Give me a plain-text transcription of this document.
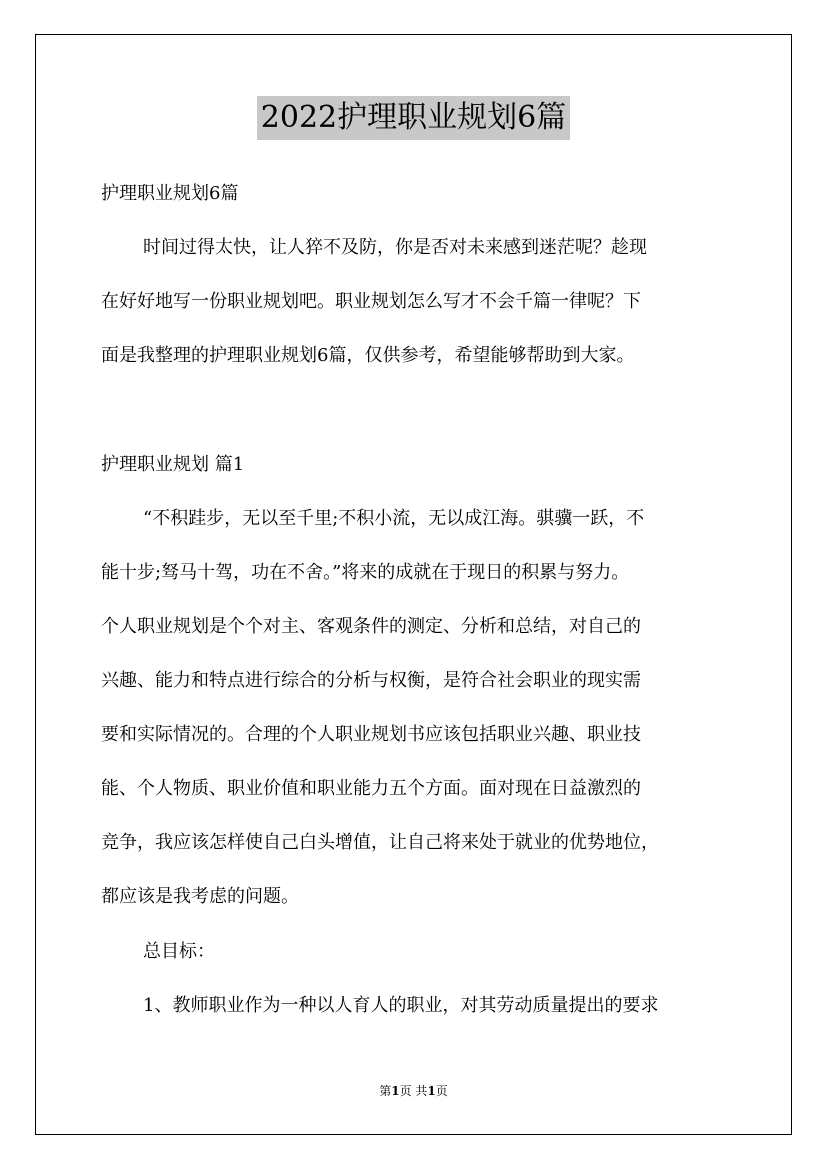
2022护理职业规划6篇
护理职业规划6篇
时间过得太快，让人猝不及防，你是否对未来感到迷茫呢？趁现
在好好地写一份职业规划吧。职业规划怎么写才不会千篇一律呢？下
面是我整理的护理职业规划6篇，仅供参考，希望能够帮助到大家。
护理职业规划 篇1
“不积跬步，无以至千里;不积小流，无以成江海。骐骥一跃，不
能十步;驽马十驾，功在不舍。”将来的成就在于现日的积累与努力。
个人职业规划是个个对主、客观条件的测定、分析和总结，对自己的
兴趣、能力和特点进行综合的分析与权衡，是符合社会职业的现实需
要和实际情况的。合理的个人职业规划书应该包括职业兴趣、职业技
能、个人物质、职业价值和职业能力五个方面。面对现在日益激烈的
竞争，我应该怎样使自己白头增值，让自己将来处于就业的优势地位，
都应该是我考虑的问题。
总目标：
1、教师职业作为一种以人育人的职业，对其劳动质量提出的要求
第1页 共1页
